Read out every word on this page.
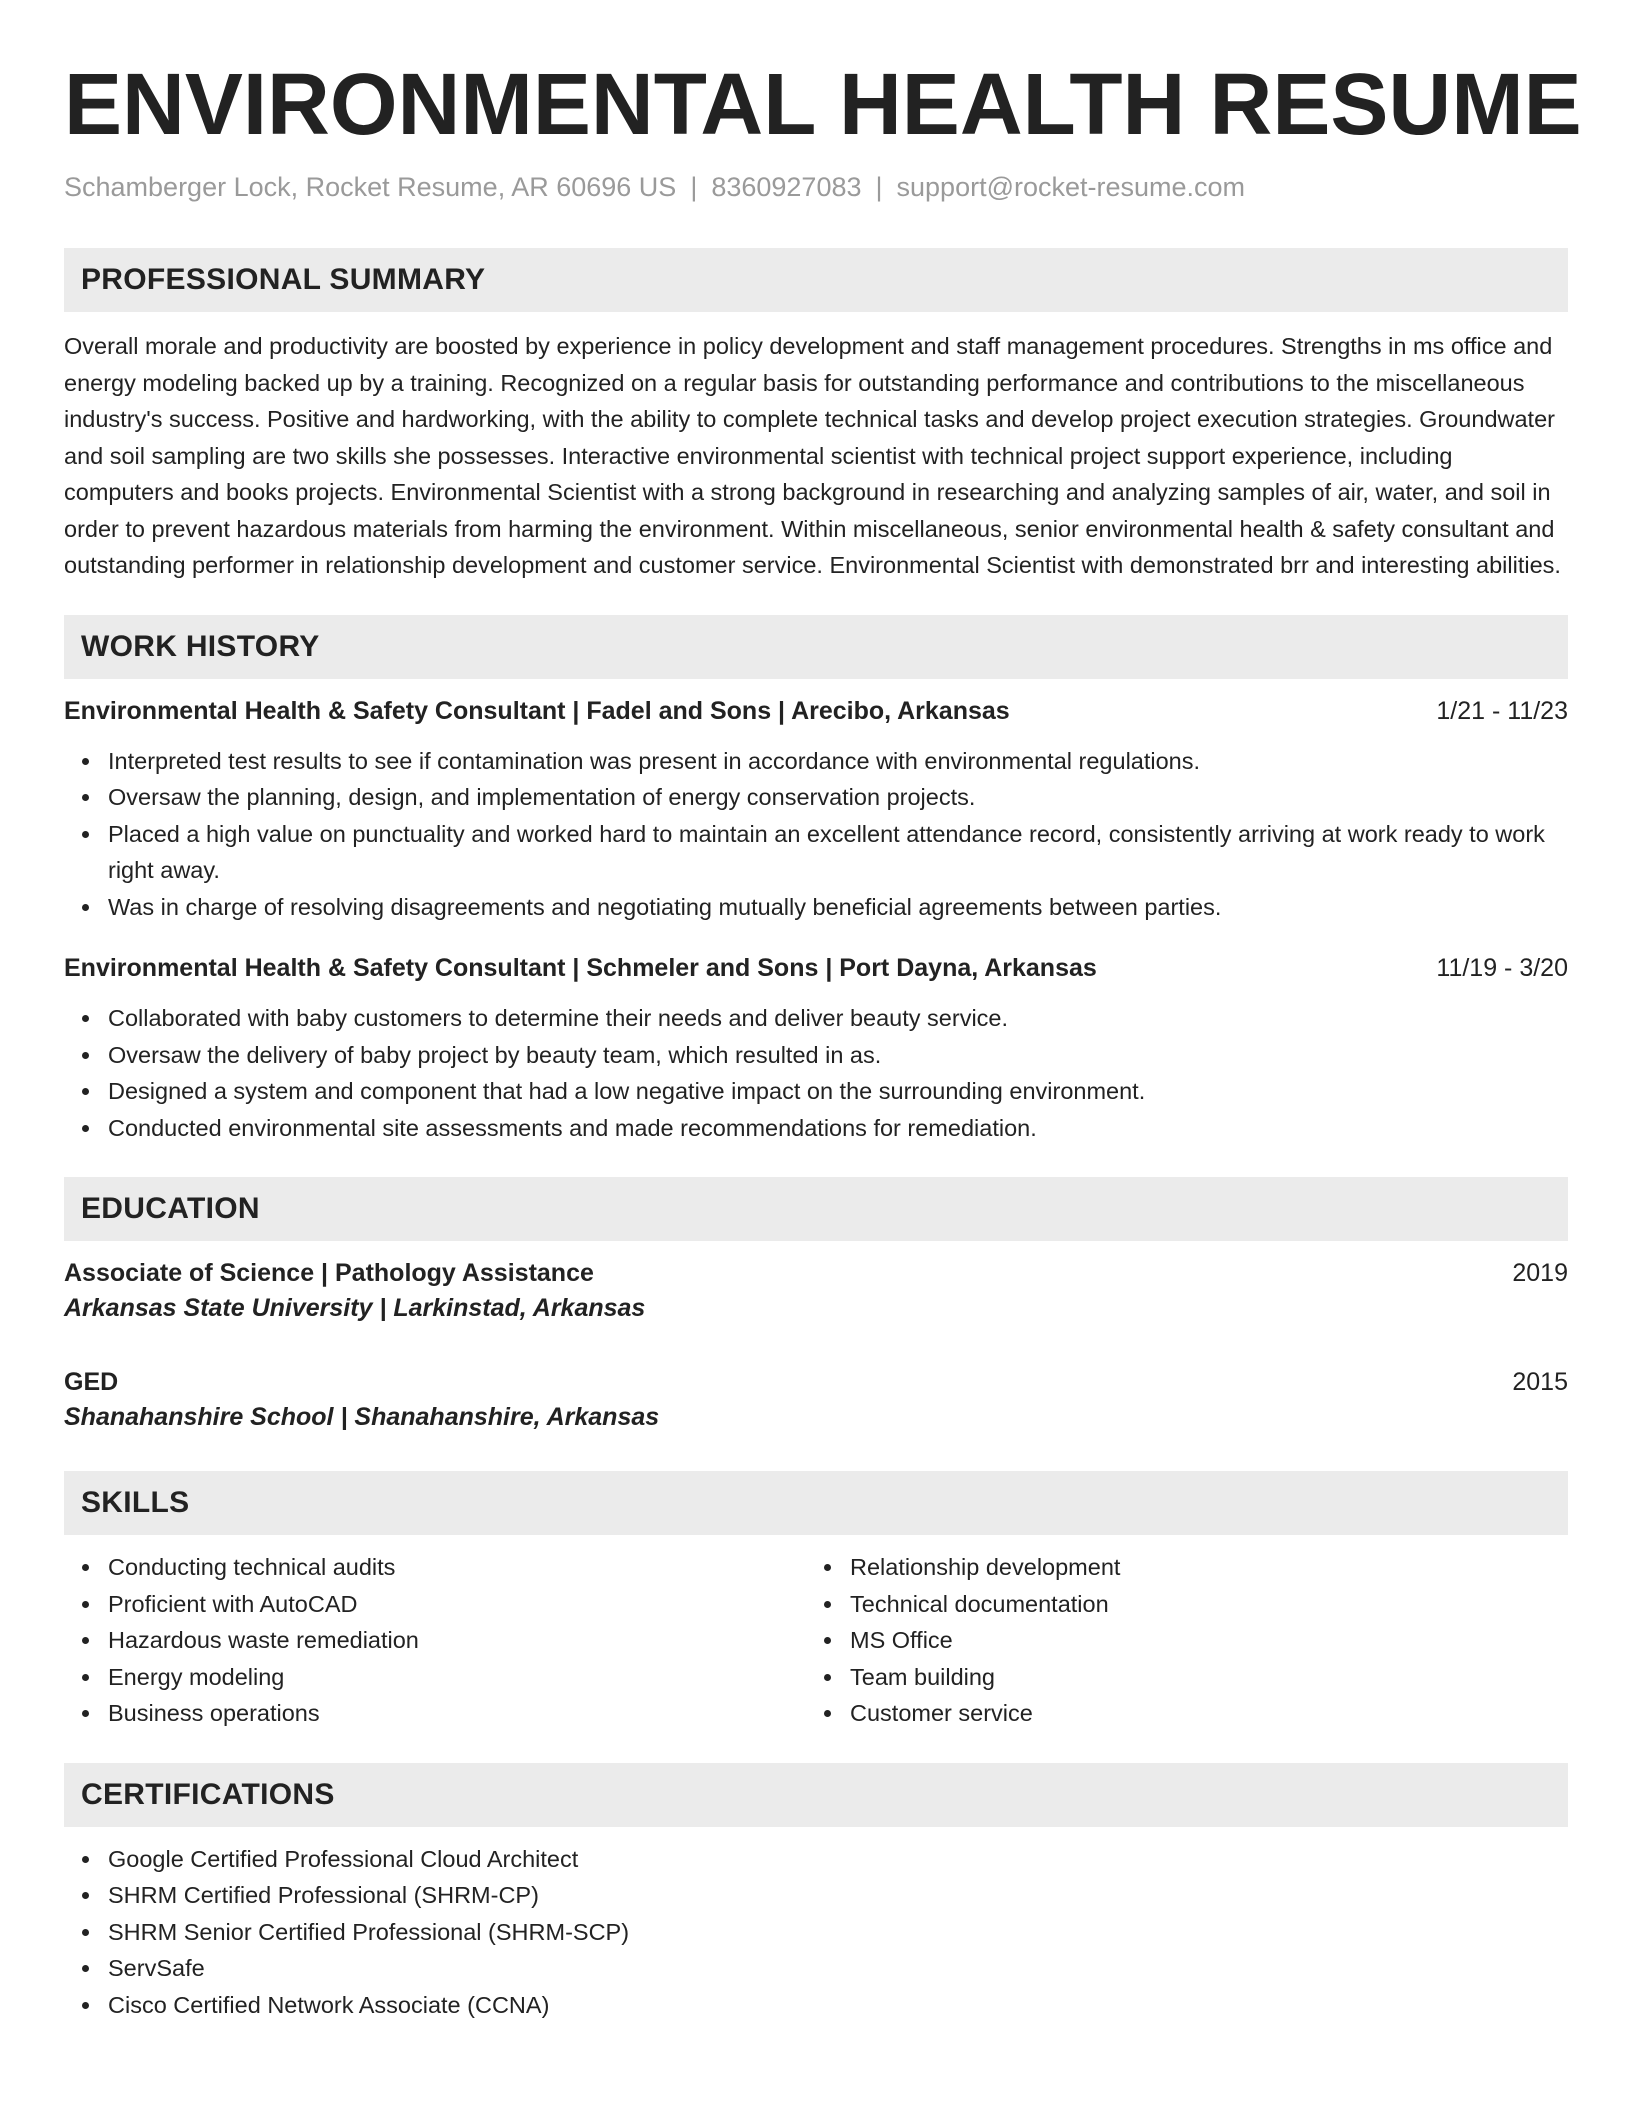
ENVIRONMENTAL HEALTH RESUME
Schamberger Lock, Rocket Resume, AR 60696 US | 8360927083 | support@rocket-resume.com
PROFESSIONAL SUMMARY
Overall morale and productivity are boosted by experience in policy development and staff management procedures. Strengths in ms office and energy modeling backed up by a training. Recognized on a regular basis for outstanding performance and contributions to the miscellaneous industry's success. Positive and hardworking, with the ability to complete technical tasks and develop project execution strategies. Groundwater and soil sampling are two skills she possesses. Interactive environmental scientist with technical project support experience, including computers and books projects. Environmental Scientist with a strong background in researching and analyzing samples of air, water, and soil in order to prevent hazardous materials from harming the environment. Within miscellaneous, senior environmental health & safety consultant and outstanding performer in relationship development and customer service. Environmental Scientist with demonstrated brr and interesting abilities.
WORK HISTORY
Environmental Health & Safety Consultant | Fadel and Sons | Arecibo, Arkansas	1/21 - 11/23
Interpreted test results to see if contamination was present in accordance with environmental regulations.
Oversaw the planning, design, and implementation of energy conservation projects.
Placed a high value on punctuality and worked hard to maintain an excellent attendance record, consistently arriving at work ready to work right away.
Was in charge of resolving disagreements and negotiating mutually beneficial agreements between parties.
Environmental Health & Safety Consultant | Schmeler and Sons | Port Dayna, Arkansas	11/19 - 3/20
Collaborated with baby customers to determine their needs and deliver beauty service.
Oversaw the delivery of baby project by beauty team, which resulted in as.
Designed a system and component that had a low negative impact on the surrounding environment.
Conducted environmental site assessments and made recommendations for remediation.
EDUCATION
Associate of Science | Pathology Assistance	2019
Arkansas State University | Larkinstad, Arkansas
GED	2015
Shanahanshire School | Shanahanshire, Arkansas
SKILLS
Conducting technical audits
Proficient with AutoCAD
Hazardous waste remediation
Energy modeling
Business operations
Relationship development
Technical documentation
MS Office
Team building
Customer service
CERTIFICATIONS
Google Certified Professional Cloud Architect
SHRM Certified Professional (SHRM-CP)
SHRM Senior Certified Professional (SHRM-SCP)
ServSafe
Cisco Certified Network Associate (CCNA)
